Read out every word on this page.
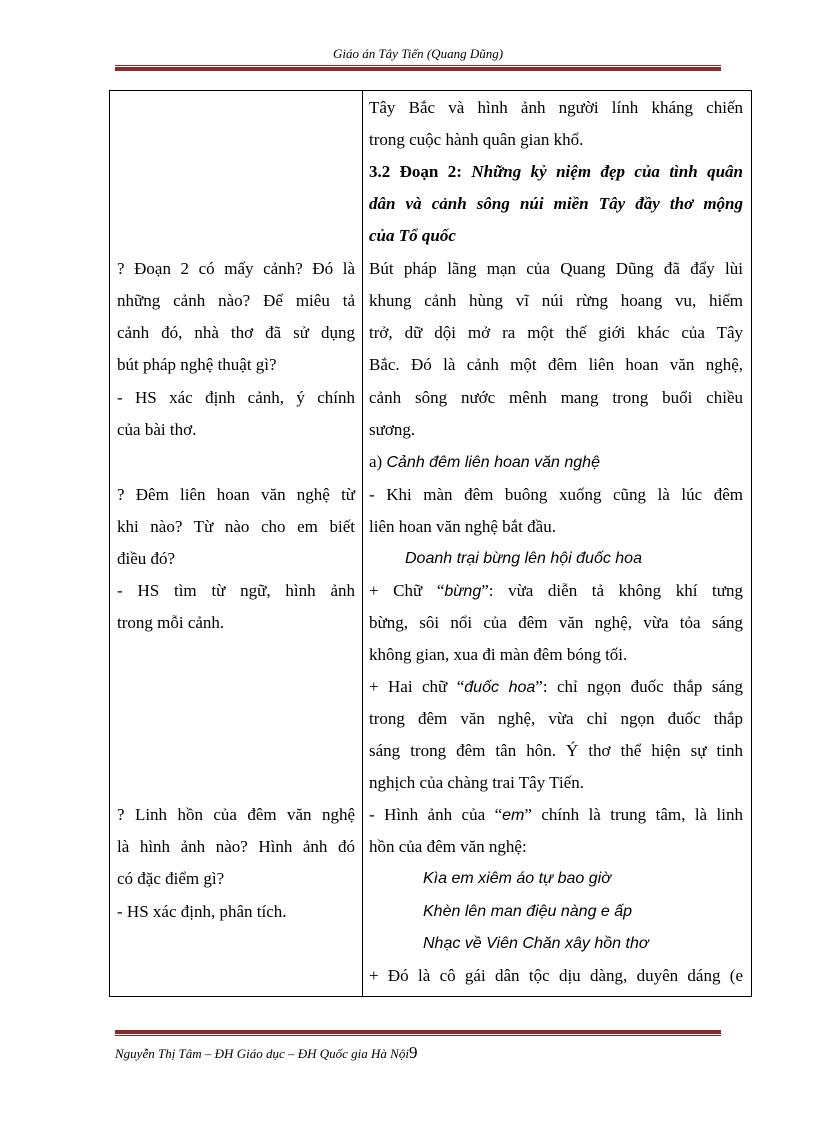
Giáo án Tây Tiến (Quang Dũng)
? Đoạn 2 có mấy cảnh? Đó là
những cảnh nào? Để miêu tả
cảnh đó, nhà thơ đã sử dụng
bút pháp nghệ thuật gì?
- HS xác định cảnh, ý chính
của bài thơ.
? Đêm liên hoan văn nghệ từ
khi nào? Từ nào cho em biết
điều đó?
- HS tìm từ ngữ, hình ảnh
trong mỗi cảnh.
? Linh hồn của đêm văn nghệ
là hình ảnh nào? Hình ảnh đó
có đặc điểm gì?
- HS xác định, phân tích.
Tây Bắc và hình ảnh người lính kháng chiến
trong cuộc hành quân gian khổ.
3.2 Đoạn 2: Những kỷ niệm đẹp của tình quân
dân và cảnh sông núi miền Tây đầy thơ mộng
của Tổ quốc
Bút pháp lãng mạn của Quang Dũng đã đẩy lùi
khung cảnh hùng vĩ núi rừng hoang vu, hiểm
trở, dữ dội mở ra một thế giới khác của Tây
Bắc. Đó là cảnh một đêm liên hoan văn nghệ,
cảnh sông nước mênh mang trong buổi chiều
sương.
a) Cảnh đêm liên hoan văn nghệ
- Khi màn đêm buông xuống cũng là lúc đêm
liên hoan văn nghệ bắt đầu.
Doanh trại bừng lên hội đuốc hoa
+ Chữ “bừng”: vừa diễn tả không khí tưng
bừng, sôi nổi của đêm văn nghệ, vừa tỏa sáng
không gian, xua đi màn đêm bóng tối.
+ Hai chữ “đuốc hoa”: chỉ ngọn đuốc thắp sáng
trong đêm văn nghệ, vừa chỉ ngọn đuốc thắp
sáng trong đêm tân hôn. Ý thơ thể hiện sự tinh
nghịch của chàng trai Tây Tiến.
- Hình ảnh của “em” chính là trung tâm, là linh
hồn của đêm văn nghệ:
Kìa em xiêm áo tự bao giờ
Khèn lên man điệu nàng e ấp
Nhạc về Viên Chăn xây hồn thơ
+ Đó là cô gái dân tộc dịu dàng, duyên dáng (e
Nguyễn Thị Tâm – ĐH Giáo dục – ĐH Quốc gia Hà Nội9
